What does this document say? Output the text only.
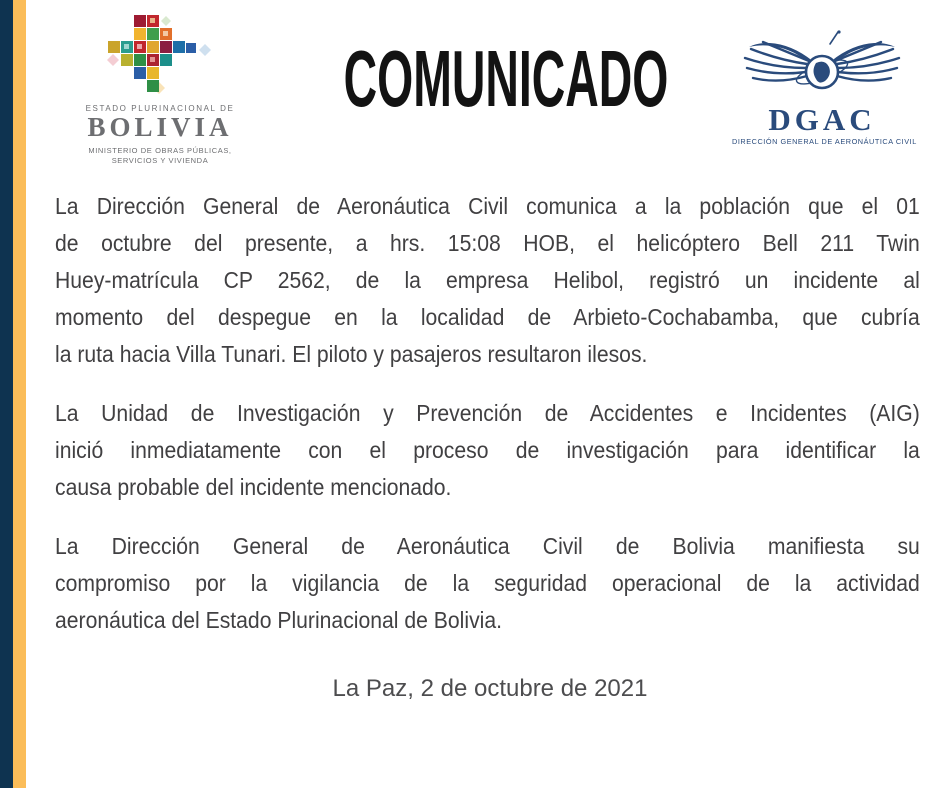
ESTADO PLURINACIONAL DE
BOLIVIA
MINISTERIO DE OBRAS PÚBLICAS,
SERVICIOS Y VIVIENDA
COMUNICADO	DGAC
DIRECCIÓN GENERAL DE AERONÁUTICA CIVIL
La Dirección General de Aeronáutica Civil comunica a la población que el 01
de octubre del presente, a hrs. 15:08 HOB, el helicóptero Bell 211 Twin
Huey-matrícula CP 2562, de la empresa Helibol, registró un incidente al
momento del despegue en la localidad de Arbieto-Cochabamba, que cubría
la ruta hacia Villa Tunari. El piloto y pasajeros resultaron ilesos.
La Unidad de Investigación y Prevención de Accidentes e Incidentes (AIG)
inició inmediatamente con el proceso de investigación para identificar la
causa probable del incidente mencionado.
La Dirección General de Aeronáutica Civil de Bolivia manifiesta su
compromiso por la vigilancia de la seguridad operacional de la actividad
aeronáutica del Estado Plurinacional de Bolivia.
La Paz, 2 de octubre de 2021
